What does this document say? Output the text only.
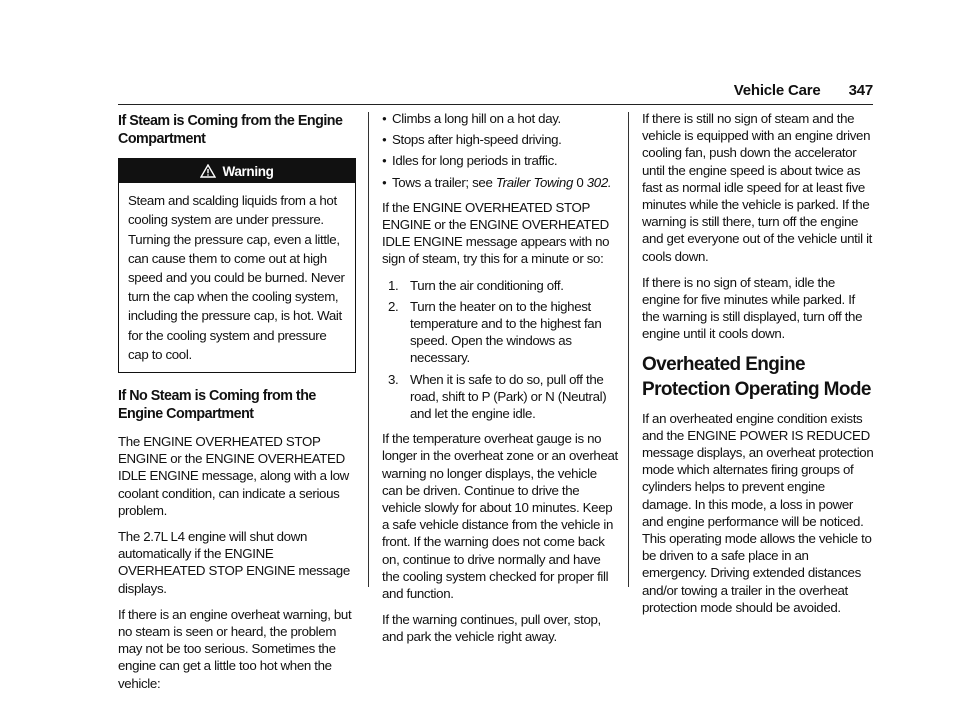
Vehicle Care 347
If Steam is Coming from the Engine Compartment
Warning
Steam and scalding liquids from a hot cooling system are under pressure. Turning the pressure cap, even a little, can cause them to come out at high speed and you could be burned. Never turn the cap when the cooling system, including the pressure cap, is hot. Wait for the cooling system and pressure cap to cool.
If No Steam is Coming from the Engine Compartment

The ENGINE OVERHEATED STOP ENGINE or the ENGINE OVERHEATED IDLE ENGINE message, along with a low coolant condition, can indicate a serious problem.

The 2.7L L4 engine will shut down automatically if the ENGINE OVERHEATED STOP ENGINE message displays.

If there is an engine overheat warning, but no steam is seen or heard, the problem may not be too serious. Sometimes the engine can get a little too hot when the vehicle:

● Climbs a long hill on a hot day.
● Stops after high-speed driving.
● Idles for long periods in traffic.
● Tows a trailer; see Trailer Towing 0 302.

If the ENGINE OVERHEATED STOP ENGINE or the ENGINE OVERHEATED IDLE ENGINE message appears with no sign of steam, try this for a minute or so:

1. Turn the air conditioning off.
2. Turn the heater on to the highest temperature and to the highest fan speed. Open the windows as necessary.
3. When it is safe to do so, pull off the road, shift to P (Park) or N (Neutral) and let the engine idle.

If the temperature overheat gauge is no longer in the overheat zone or an overheat warning no longer displays, the vehicle can be driven. Continue to drive the vehicle slowly for about 10 minutes. Keep a safe vehicle distance from the vehicle in front. If the warning does not come back on, continue to drive normally and have the cooling system checked for proper fill and function.

If the warning continues, pull over, stop, and park the vehicle right away.

If there is still no sign of steam and the vehicle is equipped with an engine driven cooling fan, push down the accelerator until the engine speed is about twice as fast as normal idle speed for at least five minutes while the vehicle is parked. If the warning is still there, turn off the engine and get everyone out of the vehicle until it cools down.

If there is no sign of steam, idle the engine for five minutes while parked. If the warning is still displayed, turn off the engine until it cools down.

Overheated Engine Protection Operating Mode

If an overheated engine condition exists and the ENGINE POWER IS REDUCED message displays, an overheat protection mode which alternates firing groups of cylinders helps to prevent engine damage. In this mode, a loss in power and engine performance will be noticed. This operating mode allows the vehicle to be driven to a safe place in an emergency. Driving extended distances and/or towing a trailer in the overheat protection mode should be avoided.
